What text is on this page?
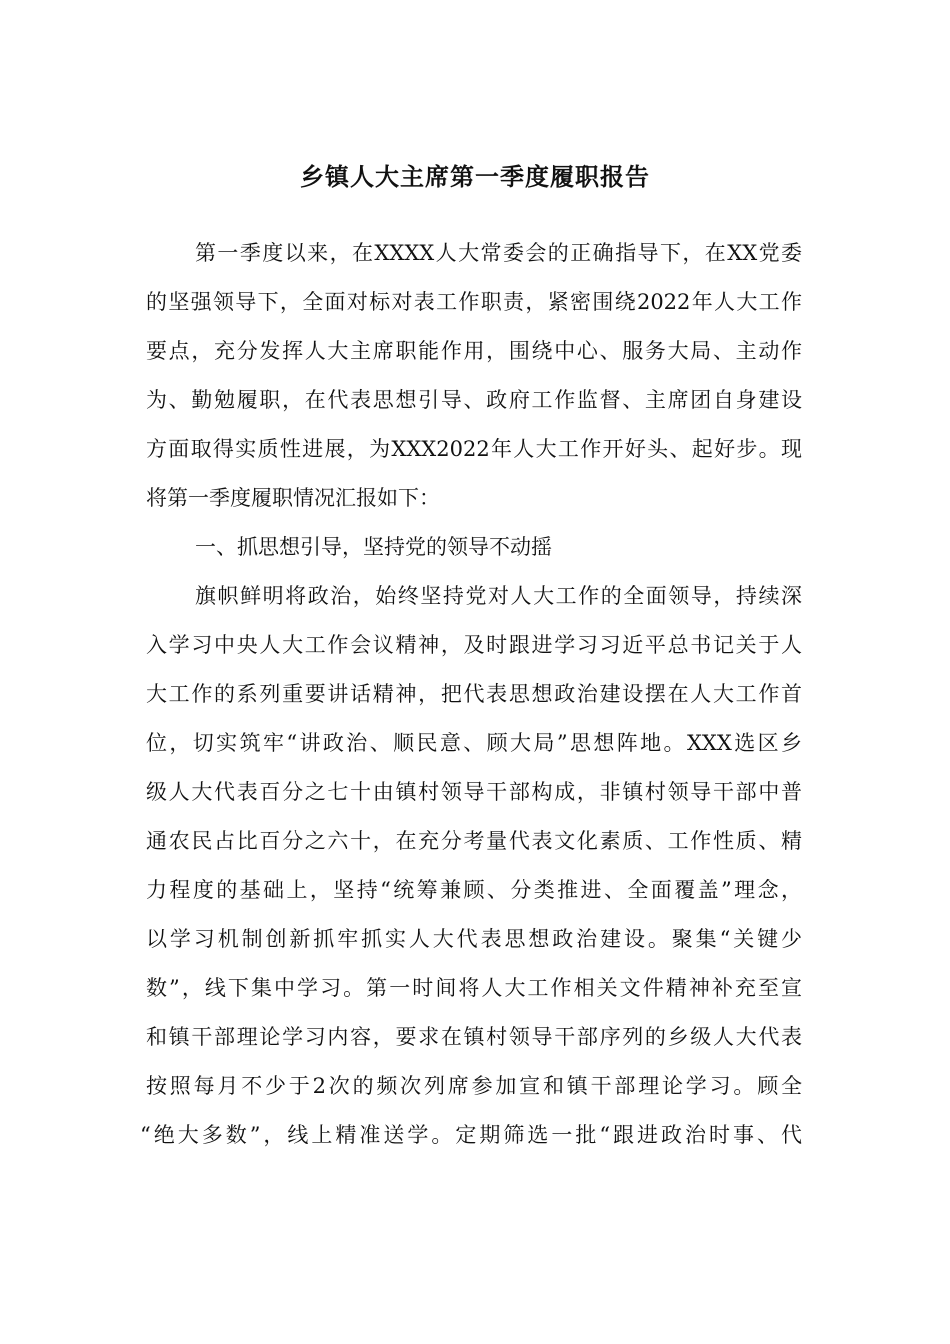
乡镇人大主席第一季度履职报告
第一季度以来，在XXXX人大常委会的正确指导下，在XX党委
的坚强领导下，全面对标对表工作职责，紧密围绕2022年人大工作
要点，充分发挥人大主席职能作用，围绕中心、服务大局、主动作
为、勤勉履职，在代表思想引导、政府工作监督、主席团自身建设
方面取得实质性进展，为XXX2022年人大工作开好头、起好步。现
将第一季度履职情况汇报如下：
一、抓思想引导，坚持党的领导不动摇
旗帜鲜明将政治，始终坚持党对人大工作的全面领导，持续深
入学习中央人大工作会议精神，及时跟进学习习近平总书记关于人
大工作的系列重要讲话精神，把代表思想政治建设摆在人大工作首
位，切实筑牢“讲政治、顺民意、顾大局”思想阵地。XXX选区乡
级人大代表百分之七十由镇村领导干部构成，非镇村领导干部中普
通农民占比百分之六十，在充分考量代表文化素质、工作性质、精
力程度的基础上，坚持“统筹兼顾、分类推进、全面覆盖”理念，
以学习机制创新抓牢抓实人大代表思想政治建设。聚集“关键少
数”，线下集中学习。第一时间将人大工作相关文件精神补充至宣
和镇干部理论学习内容，要求在镇村领导干部序列的乡级人大代表
按照每月不少于2次的频次列席参加宣和镇干部理论学习。顾全
“绝大多数”，线上精准送学。定期筛选一批“跟进政治时事、代
